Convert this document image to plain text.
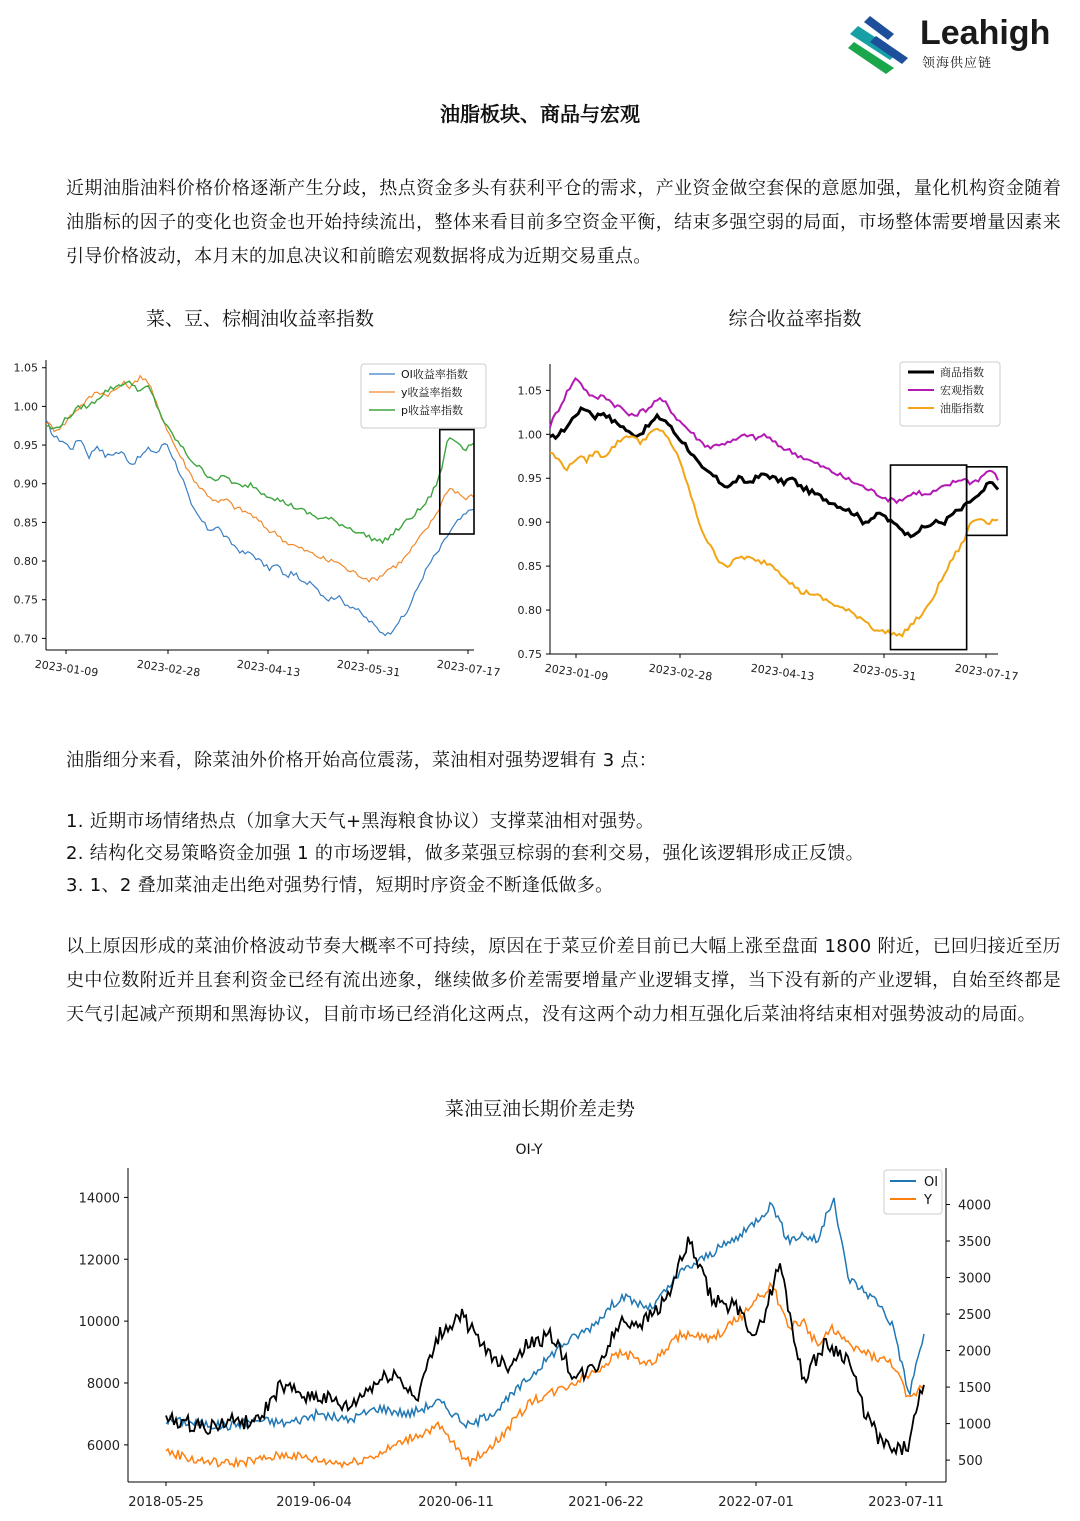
Leahigh
领海供应链
油脂板块、商品与宏观
近期油脂油料价格价格逐渐产生分歧，热点资金多头有获利平仓的需求，产业资金做空套保的意愿加强，量化机构资金随着油脂标的因子的变化也资金也开始持续流出，整体来看目前多空资金平衡，结束多强空弱的局面，市场整体需要增量因素来引导价格波动，本月末的加息决议和前瞻宏观数据将成为近期交易重点。
菜、豆、棕榈油收益率指数	综合收益率指数
1.05
1.00
0.95
0.90
0.85
0.80
0.75
0.70
2023-01-09	2023-02-28	2023-04-13	2023-05-31	2023-07-17
OI收益率指数
y收益率指数
p收益率指数
1.05
1.00
0.95
0.90
0.85
0.80
0.75
2023-01-09	2023-02-28	2023-04-13	2023-05-31	2023-07-17
商品指数
宏观指数
油脂指数
油脂细分来看，除菜油外价格开始高位震荡，菜油相对强势逻辑有 3 点：
1. 近期市场情绪热点（加拿大天气+黑海粮食协议）支撑菜油相对强势。
2. 结构化交易策略资金加强 1 的市场逻辑，做多菜强豆棕弱的套利交易，强化该逻辑形成正反馈。
3. 1、2 叠加菜油走出绝对强势行情，短期时序资金不断逢低做多。
以上原因形成的菜油价格波动节奏大概率不可持续，原因在于菜豆价差目前已大幅上涨至盘面 1800 附近，已回归接近至历史中位数附近并且套利资金已经有流出迹象，继续做多价差需要增量产业逻辑支撑，当下没有新的产业逻辑，自始至终都是天气引起减产预期和黑海协议，目前市场已经消化这两点，没有这两个动力相互强化后菜油将结束相对强势波动的局面。
菜油豆油长期价差走势
OI-Y
14000
12000
10000
8000
6000
4000
3500
3000
2500
2000
1500
1000
500
2018-05-25	2019-06-04	2020-06-11	2021-06-22	2022-07-01	2023-07-11
OI
Y
